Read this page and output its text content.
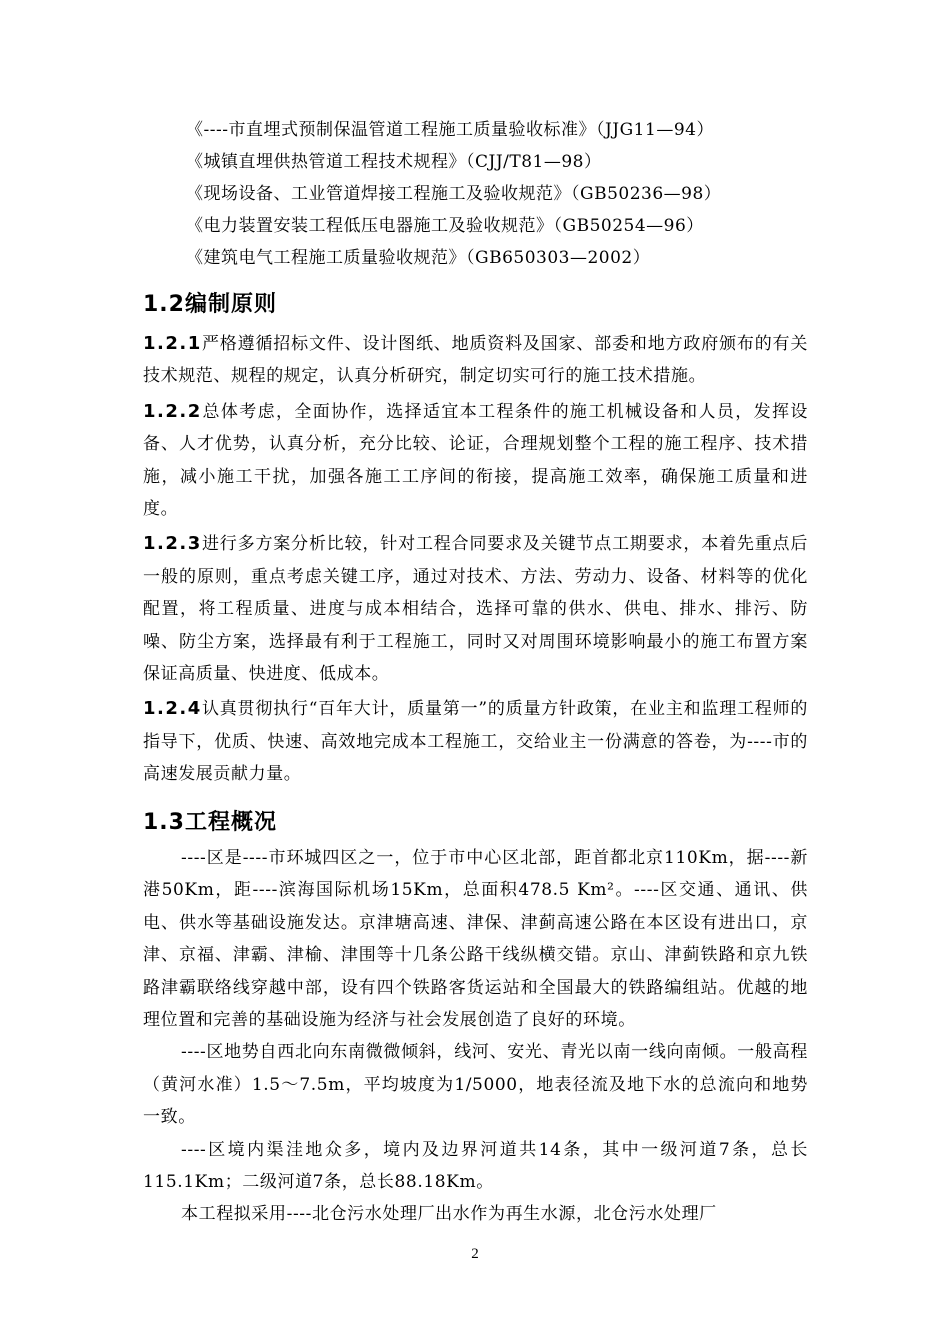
《----市直埋式预制保温管道工程施工质量验收标准》（JJG11—94）
《城镇直埋供热管道工程技术规程》（CJJ/T81—98）
《现场设备、工业管道焊接工程施工及验收规范》（GB50236—98）
《电力装置安装工程低压电器施工及验收规范》（GB50254—96）
《建筑电气工程施工质量验收规范》（GB650303—2002）
1.2编制原则

1.2.1严格遵循招标文件、设计图纸、地质资料及国家、部委和地方政府颁布的有关技术规范、规程的规定，认真分析研究，制定切实可行的施工技术措施。

1.2.2总体考虑，全面协作，选择适宜本工程条件的施工机械设备和人员，发挥设备、人才优势，认真分析，充分比较、论证，合理规划整个工程的施工程序、技术措施，减小施工干扰，加强各施工工序间的衔接，提高施工效率，确保施工质量和进度。

1.2.3进行多方案分析比较，针对工程合同要求及关键节点工期要求，本着先重点后一般的原则，重点考虑关键工序，通过对技术、方法、劳动力、设备、材料等的优化配置，将工程质量、进度与成本相结合，选择可靠的供水、供电、排水、排污、防噪、防尘方案，选择最有利于工程施工，同时又对周围环境影响最小的施工布置方案保证高质量、快进度、低成本。

1.2.4认真贯彻执行“百年大计，质量第一”的质量方针政策，在业主和监理工程师的指导下，优质、快速、高效地完成本工程施工，交给业主一份满意的答卷，为----市的高速发展贡献力量。

1.3工程概况

----区是----市环城四区之一，位于市中心区北部，距首都北京110Km，据----新港50Km，距----滨海国际机场15Km，总面积478.5 Km²。----区交通、通讯、供电、供水等基础设施发达。京津塘高速、津保、津蓟高速公路在本区设有进出口，京津、京福、津霸、津榆、津围等十几条公路干线纵横交错。京山、津蓟铁路和京九铁路津霸联络线穿越中部，设有四个铁路客货运站和全国最大的铁路编组站。优越的地理位置和完善的基础设施为经济与社会发展创造了良好的环境。

----区地势自西北向东南微微倾斜，线河、安光、青光以南一线向南倾。一般高程（黄河水准）1.5～7.5m，平均坡度为1/5000，地表径流及地下水的总流向和地势一致。

----区境内渠洼地众多，境内及边界河道共14条，其中一级河道7条，总长115.1Km；二级河道7条，总长88.18Km。

本工程拟采用----北仓污水处理厂出水作为再生水源，北仓污水处理厂

2
